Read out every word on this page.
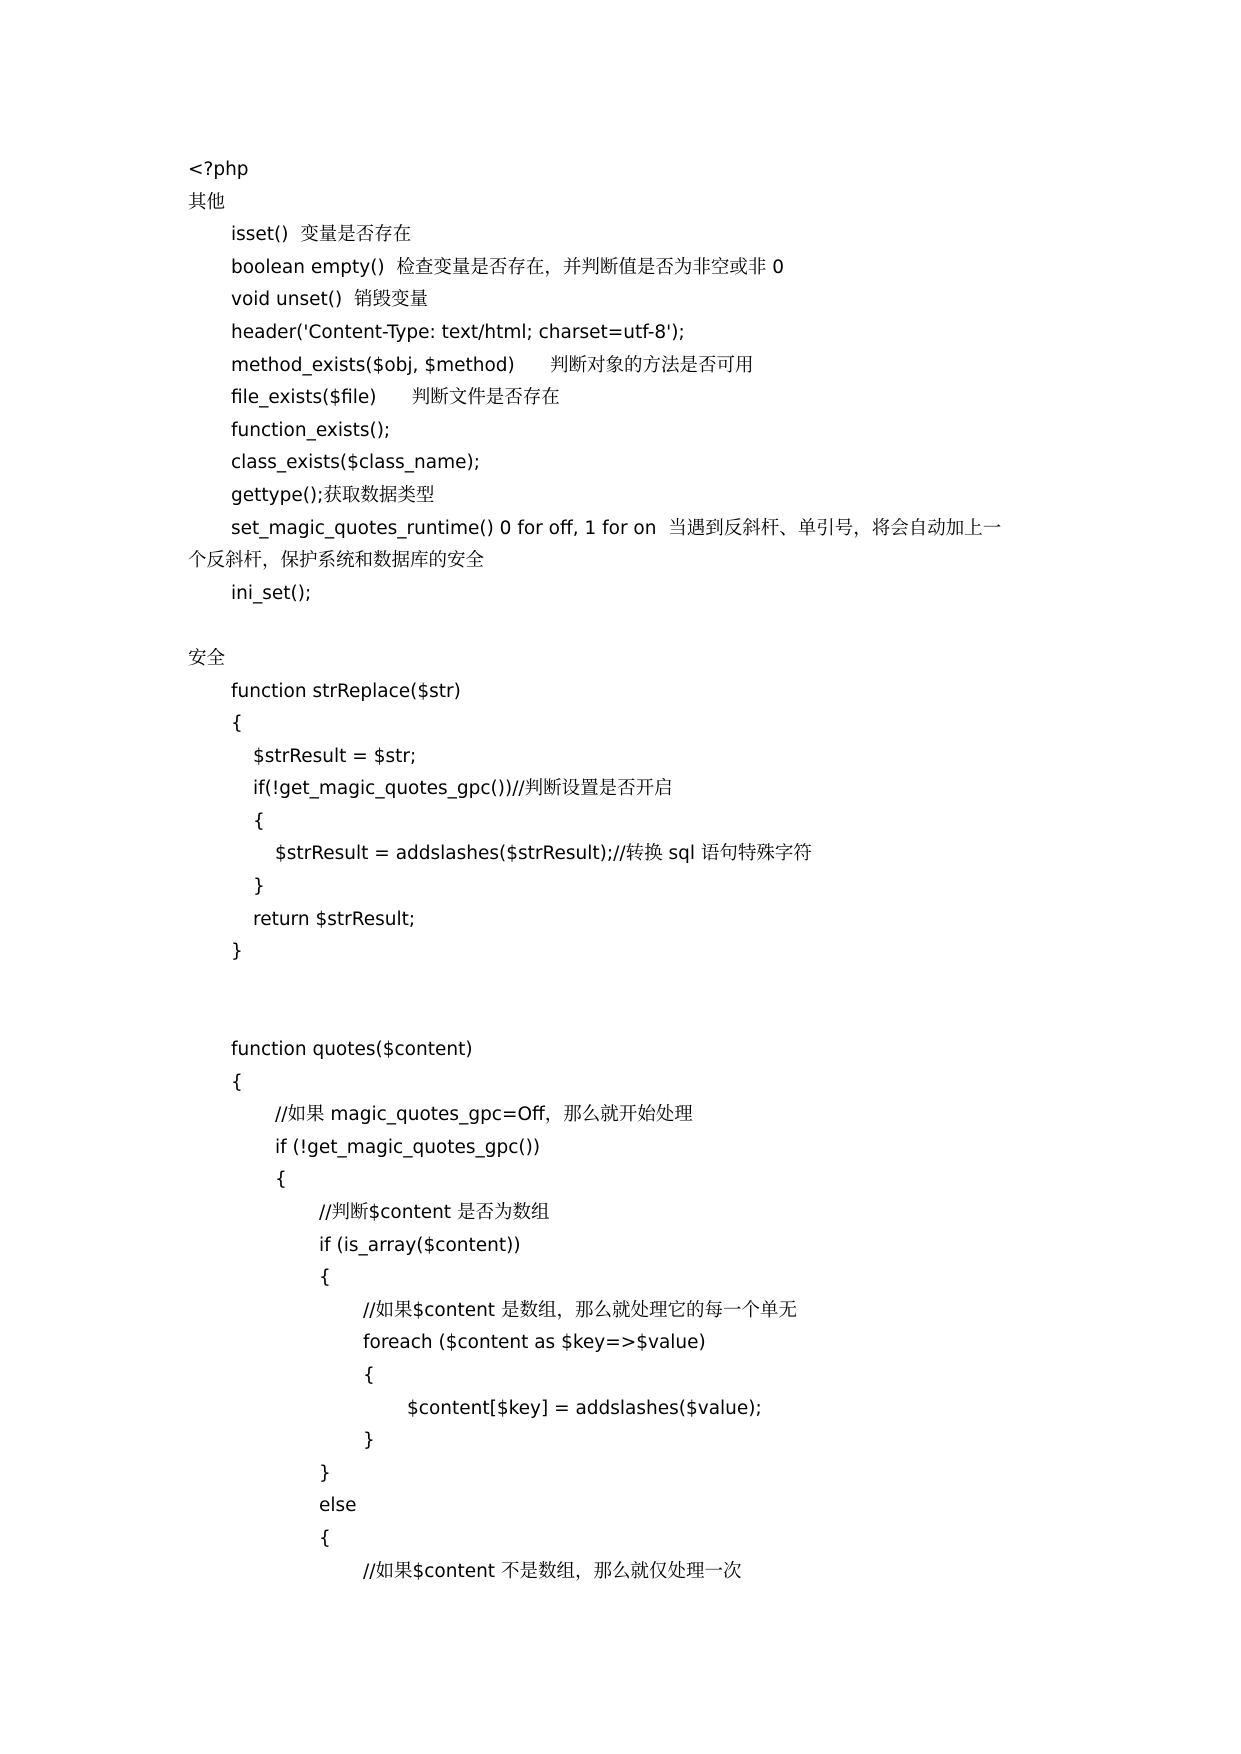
<?php
其他
isset()  变量是否存在
boolean empty()  检查变量是否存在，并判断值是否为非空或非 0
void unset()  销毁变量
header('Content-Type: text/html; charset=utf-8');
method_exists($obj, $method)      判断对象的方法是否可用
file_exists($file)      判断文件是否存在
function_exists();
class_exists($class_name);
gettype();获取数据类型
set_magic_quotes_runtime() 0 for off, 1 for on  当遇到反斜杆、单引号，将会自动加上一
个反斜杆，保护系统和数据库的安全
ini_set();
安全
function strReplace($str)
{
$strResult = $str;
if(!get_magic_quotes_gpc())//判断设置是否开启
{
$strResult = addslashes($strResult);//转换 sql 语句特殊字符
}
return $strResult;
}
function quotes($content)
{
//如果 magic_quotes_gpc=Off，那么就开始处理
if (!get_magic_quotes_gpc())
{
//判断$content 是否为数组
if (is_array($content))
{
//如果$content 是数组，那么就处理它的每一个单无
foreach ($content as $key=>$value)
{
$content[$key] = addslashes($value);
}
}
else
{
//如果$content 不是数组，那么就仅处理一次
